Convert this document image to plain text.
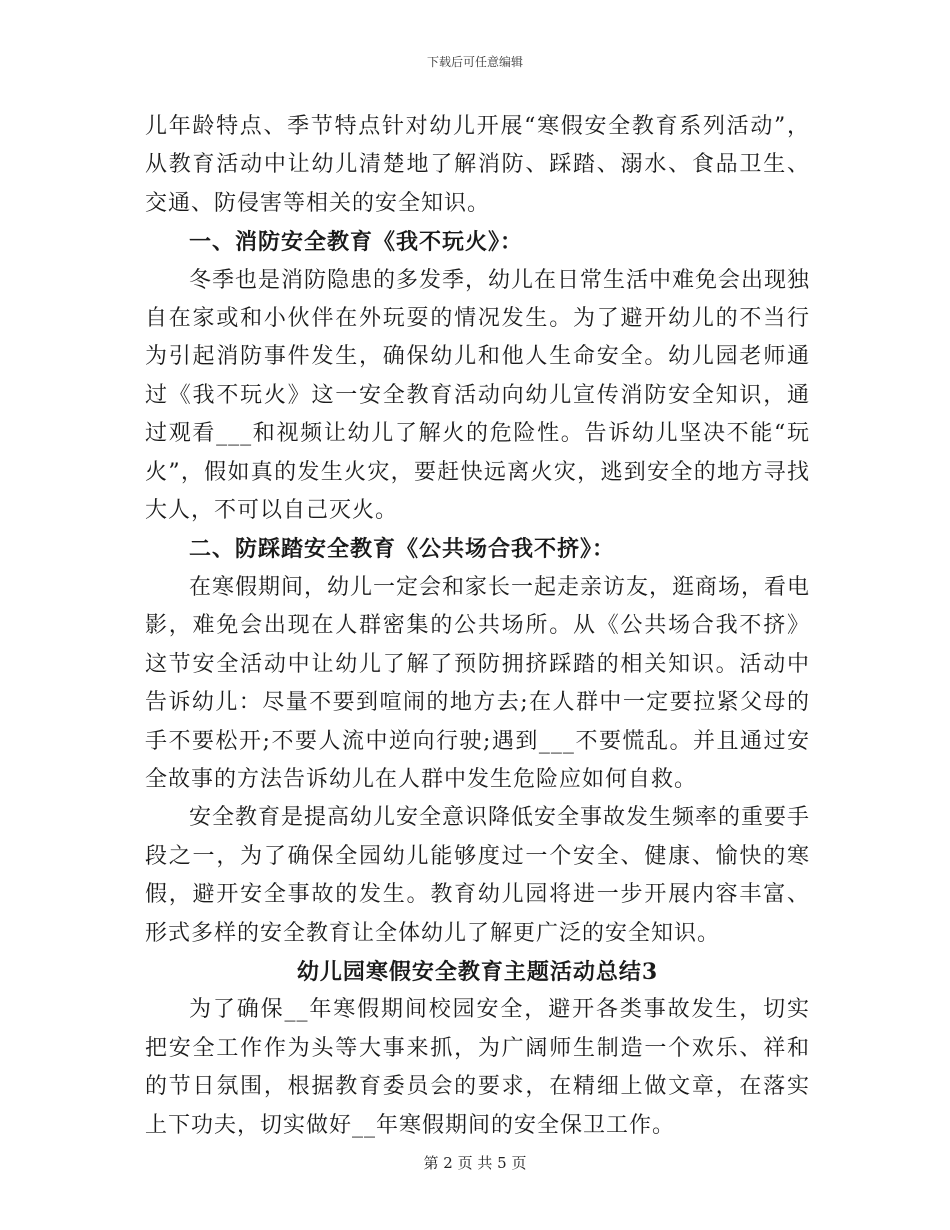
下载后可任意编辑

儿年龄特点、季节特点针对幼儿开展“寒假安全教育系列活动”，从教育活动中让幼儿清楚地了解消防、踩踏、溺水、食品卫生、交通、防侵害等相关的安全知识。

一、消防安全教育《我不玩火》：

冬季也是消防隐患的多发季，幼儿在日常生活中难免会出现独自在家或和小伙伴在外玩耍的情况发生。为了避开幼儿的不当行为引起消防事件发生，确保幼儿和他人生命安全。幼儿园老师通过《我不玩火》这一安全教育活动向幼儿宣传消防安全知识，通过观看___和视频让幼儿了解火的危险性。告诉幼儿坚决不能“玩火”，假如真的发生火灾，要赶快远离火灾，逃到安全的地方寻找大人，不可以自己灭火。

二、防踩踏安全教育《公共场合我不挤》：

在寒假期间，幼儿一定会和家长一起走亲访友，逛商场，看电影，难免会出现在人群密集的公共场所。从《公共场合我不挤》这节安全活动中让幼儿了解了预防拥挤踩踏的相关知识。活动中告诉幼儿：尽量不要到喧闹的地方去;在人群中一定要拉紧父母的手不要松开;不要人流中逆向行驶;遇到___不要慌乱。并且通过安全故事的方法告诉幼儿在人群中发生危险应如何自救。

安全教育是提高幼儿安全意识降低安全事故发生频率的重要手段之一，为了确保全园幼儿能够度过一个安全、健康、愉快的寒假，避开安全事故的发生。教育幼儿园将进一步开展内容丰富、形式多样的安全教育让全体幼儿了解更广泛的安全知识。

幼儿园寒假安全教育主题活动总结3

为了确保__年寒假期间校园安全，避开各类事故发生，切实把安全工作作为头等大事来抓，为广阔师生制造一个欢乐、祥和的节日氛围，根据教育委员会的要求，在精细上做文章，在落实上下功夫，切实做好__年寒假期间的安全保卫工作。

第 2 页 共 5 页
